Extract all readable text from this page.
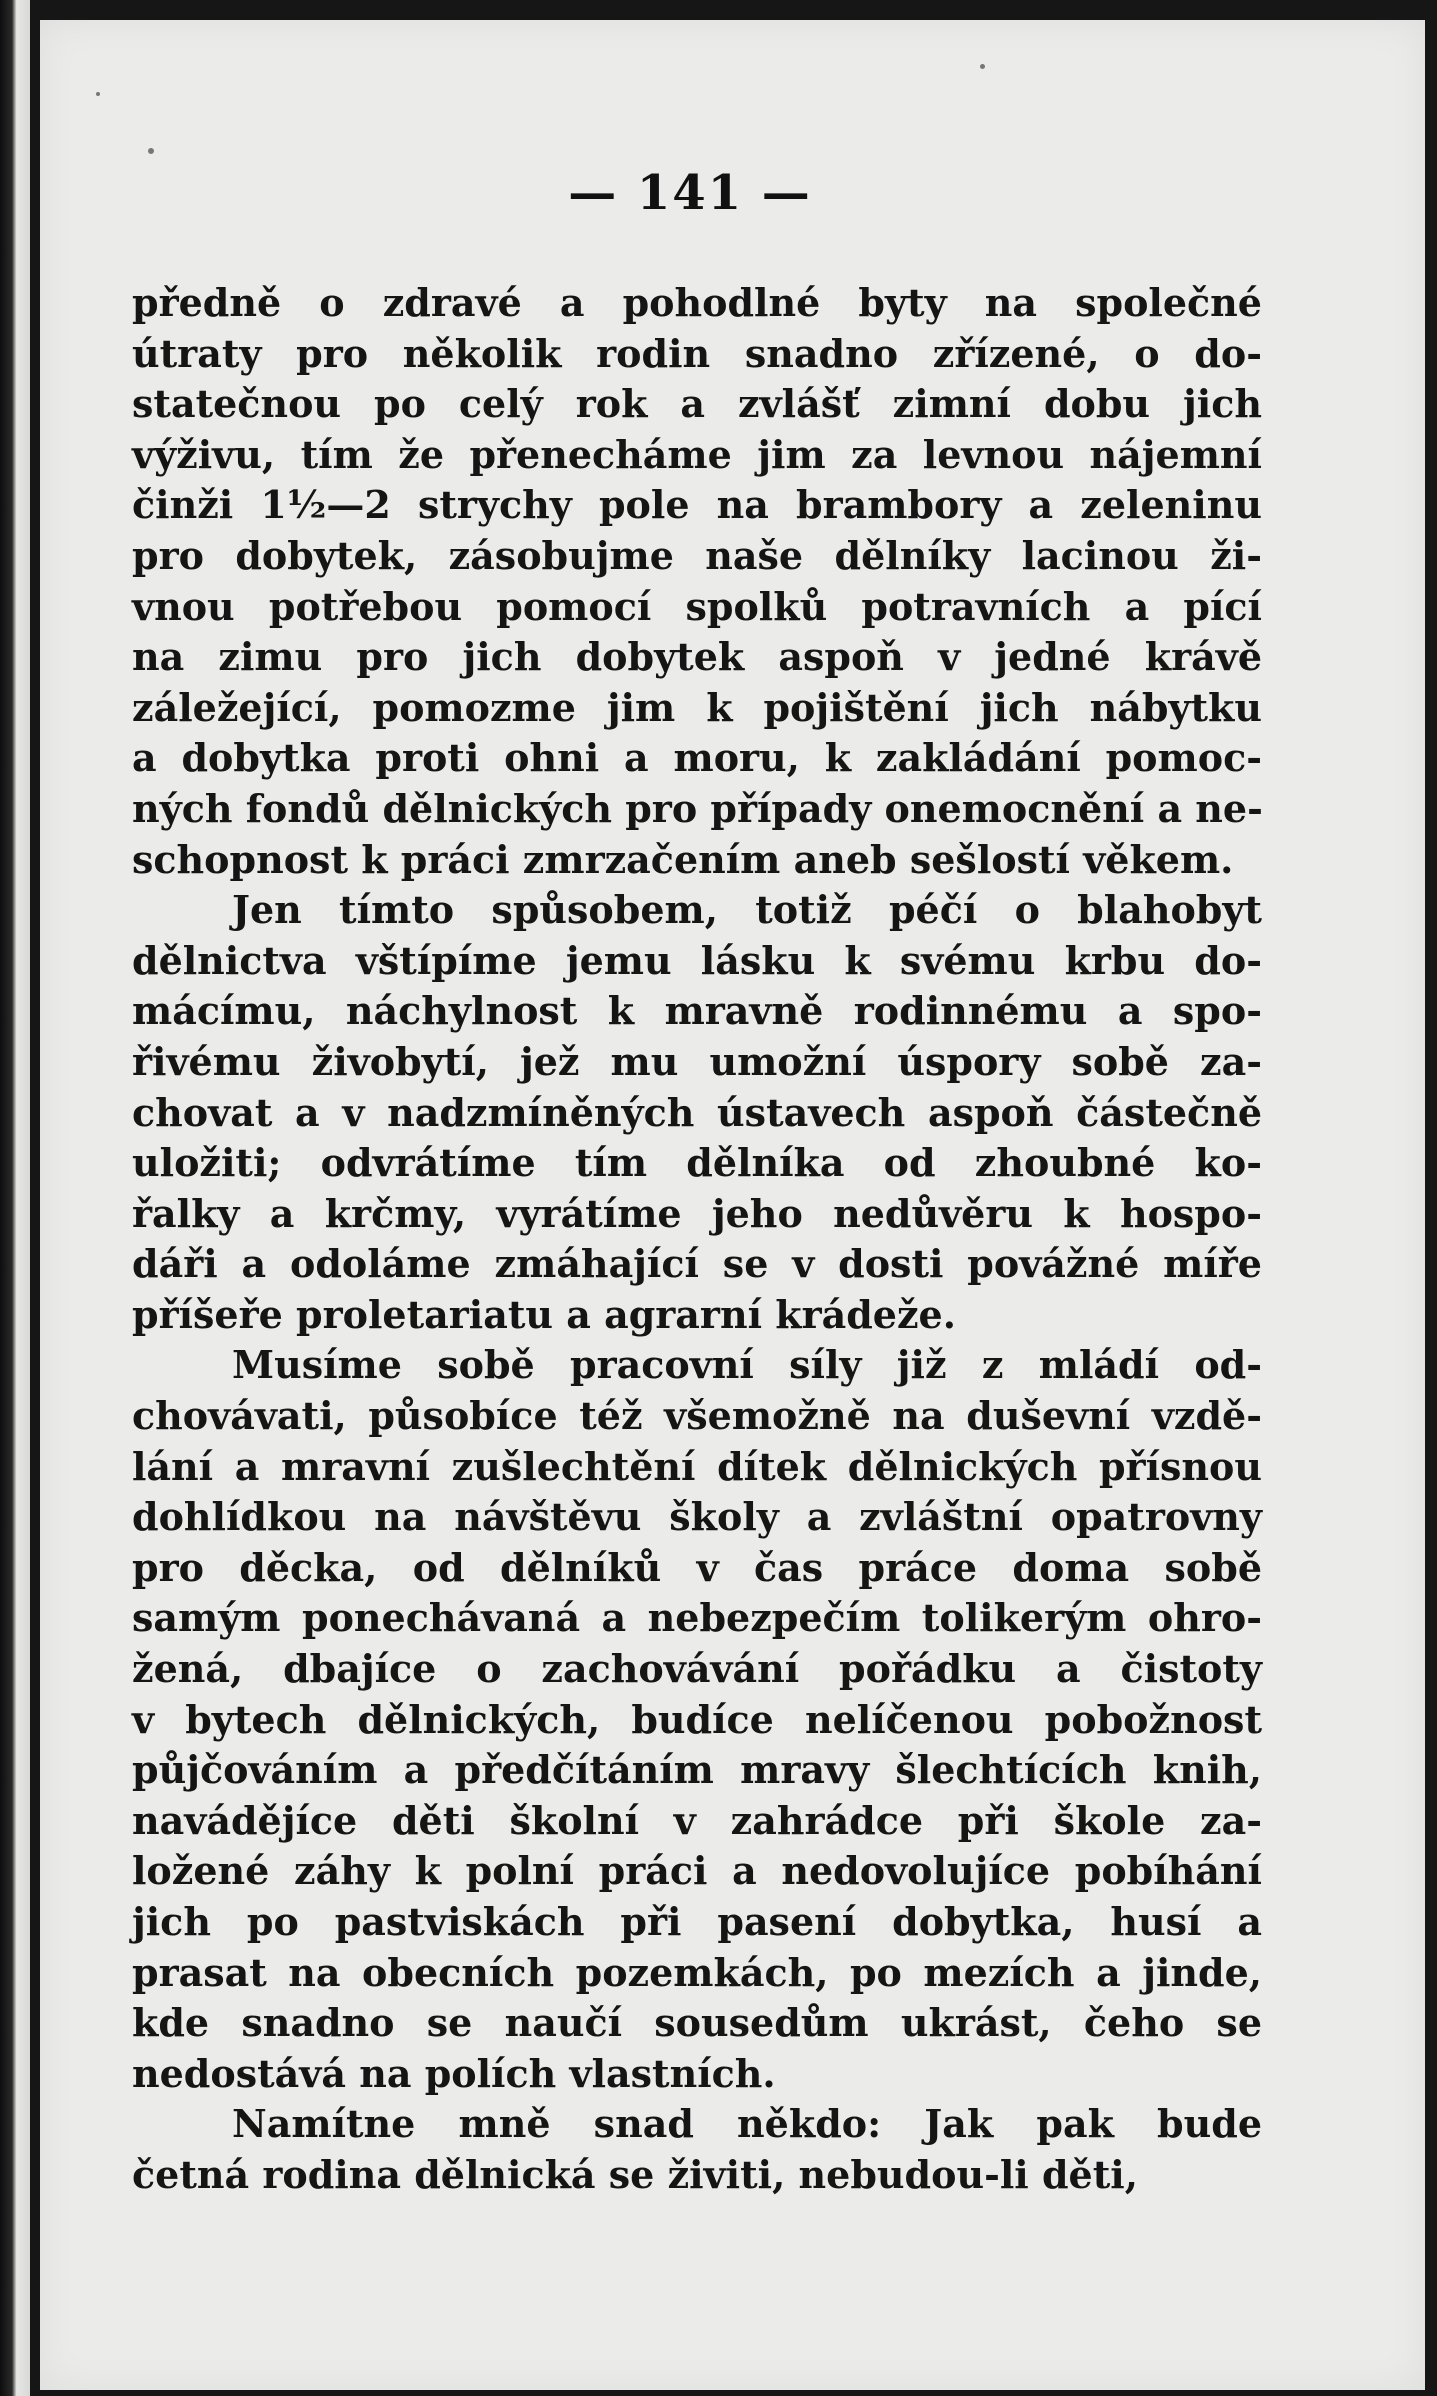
— 141 —
předně o zdravé a pohodlné byty na společné
útraty pro několik rodin snadno zřízené, o do-
statečnou po celý rok a zvlášť zimní dobu jich
výživu, tím že přenecháme jim za levnou nájemní
činži 1½—2 strychy pole na brambory a zeleninu
pro dobytek, zásobujme naše dělníky lacinou ži-
vnou potřebou pomocí spolků potravních a pící
na zimu pro jich dobytek aspoň v jedné krávě
záležející, pomozme jim k pojištění jich nábytku
a dobytka proti ohni a moru, k zakládání pomoc-
ných fondů dělnických pro případy onemocnění a ne-
schopnost k práci zmrzačením aneb sešlostí věkem.
Jen tímto spůsobem, totiž péčí o blahobyt
dělnictva vštípíme jemu lásku k svému krbu do-
mácímu, náchylnost k mravně rodinnému a spo-
řivému živobytí, jež mu umožní úspory sobě za-
chovat a v nadzmíněných ústavech aspoň částečně
uložiti; odvrátíme tím dělníka od zhoubné ko-
řalky a krčmy, vyrátíme jeho nedůvěru k hospo-
dáři a odoláme zmáhající se v dosti povážné míře
příšeře proletariatu a agrarní krádeže.
Musíme sobě pracovní síly již z mládí od-
chovávati, působíce též všemožně na duševní vzdě-
lání a mravní zušlechtění dítek dělnických přísnou
dohlídkou na návštěvu školy a zvláštní opatrovny
pro děcka, od dělníků v čas práce doma sobě
samým ponechávaná a nebezpečím tolikerým ohro-
žená, dbajíce o zachovávání pořádku a čistoty
v bytech dělnických, budíce nelíčenou pobožnost
půjčováním a předčítáním mravy šlechtících knih,
navádějíce děti školní v zahrádce při škole za-
ložené záhy k polní práci a nedovolujíce pobíhání
jich po pastviskách při pasení dobytka, husí a
prasat na obecních pozemkách, po mezích a jinde,
kde snadno se naučí sousedům ukrást, čeho se
nedostává na polích vlastních.
Namítne mně snad někdo: Jak pak bude
četná rodina dělnická se živiti, nebudou-li děti,
